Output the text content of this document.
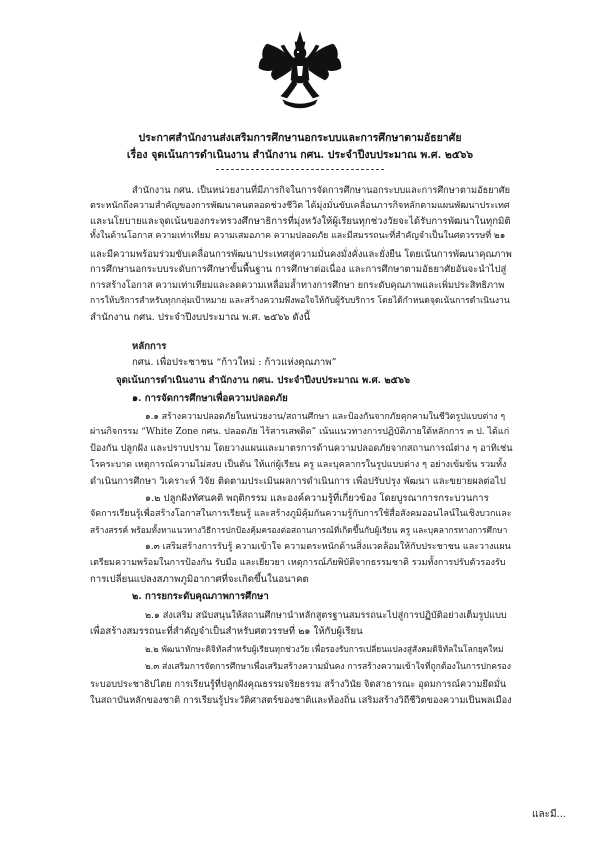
ประกาศสำนักงานส่งเสริมการศึกษานอกระบบและการศึกษาตามอัธยาศัย
เรื่อง จุดเน้นการดำเนินงาน สำนักงาน กศน. ประจำปีงบประมาณ พ.ศ. ๒๕๖๖
สำนักงาน กศน. เป็นหน่วยงานที่มีภารกิจในการจัดการศึกษานอกระบบและการศึกษาตามอัธยาศัย
ตระหนักถึงความสำคัญของการพัฒนาคนตลอดช่วงชีวิต ได้มุ่งมั่นขับเคลื่อนภารกิจหลักตามแผนพัฒนาประเทศ
และนโยบายและจุดเน้นของกระทรวงศึกษาธิการที่มุ่งหวังให้ผู้เรียนทุกช่วงวัยจะได้รับการพัฒนาในทุกมิติ
ทั้งในด้านโอกาส ความเท่าเทียม ความเสมอภาค ความปลอดภัย และมีสมรรถนะที่สำคัญจำเป็นในศตวรรษที่ ๒๑
และมีความพร้อมร่วมขับเคลื่อนการพัฒนาประเทศสู่ความมั่นคงมั่งคั่งและยั่งยืน โดยเน้นการพัฒนาคุณภาพ
การศึกษานอกระบบระดับการศึกษาขั้นพื้นฐาน การศึกษาต่อเนื่อง และการศึกษาตามอัธยาศัยอันจะนำไปสู่
การสร้างโอกาส ความเท่าเทียมและลดความเหลื่อมล้ำทางการศึกษา ยกระดับคุณภาพและเพิ่มประสิทธิภาพ
การให้บริการสำหรับทุกกลุ่มเป้าหมาย และสร้างความพึงพอใจให้กับผู้รับบริการ โดยได้กำหนดจุดเน้นการดำเนินงาน
สำนักงาน กศน. ประจำปีงบประมาณ พ.ศ. ๒๕๖๖ ดังนี้
หลักการ
กศน. เพื่อประชาชน “ก้าวใหม่ : ก้าวแห่งคุณภาพ”
จุดเน้นการดำเนินงาน สำนักงาน กศน. ประจำปีงบประมาณ พ.ศ. ๒๕๖๖
๑. การจัดการศึกษาเพื่อความปลอดภัย
๑.๑ สร้างความปลอดภัยในหน่วยงาน/สถานศึกษา และป้องกันจากภัยคุกคามในชีวิตรูปแบบต่าง ๆ
ผ่านกิจกรรม “White Zone กศน. ปลอดภัย ไร้สารเสพติด” เน้นแนวทางการปฏิบัติภายใต้หลักการ ๓ ป. ได้แก่
ป้องกัน ปลูกฝัง และปราบปราม โดยวางแผนและมาตรการด้านความปลอดภัยจากสถานการณ์ต่าง ๆ อาทิเช่น
โรคระบาด เหตุการณ์ความไม่สงบ เป็นต้น ให้แก่ผู้เรียน ครู และบุคลากรในรูปแบบต่าง ๆ อย่างเข้มข้น รวมทั้ง
ดำเนินการศึกษา วิเคราะห์ วิจัย ติดตามประเมินผลการดำเนินการ เพื่อปรับปรุง พัฒนา และขยายผลต่อไป
๑.๒ ปลูกฝังทัศนคติ พฤติกรรม และองค์ความรู้ที่เกี่ยวข้อง โดยบูรณาการกระบวนการ
จัดการเรียนรู้เพื่อสร้างโอกาสในการเรียนรู้ และสร้างภูมิคุ้มกันความรู้กับการใช้สื่อสังคมออนไลน์ในเชิงบวกและ
สร้างสรรค์ พร้อมทั้งหาแนวทางวิธีการปกป้องคุ้มครองต่อสถานการณ์ที่เกิดขึ้นกับผู้เรียน ครู และบุคลากรทางการศึกษา
๑.๓ เสริมสร้างการรับรู้ ความเข้าใจ ความตระหนักด้านสิ่งแวดล้อมให้กับประชาชน และวางแผน
เตรียมความพร้อมในการป้องกัน รับมือ และเยียวยา เหตุการณ์ภัยพิบัติจากธรรมชาติ รวมทั้งการปรับตัวรองรับ
การเปลี่ยนแปลงสภาพภูมิอากาศที่จะเกิดขึ้นในอนาคต
๒. การยกระดับคุณภาพการศึกษา
๒.๑ ส่งเสริม สนับสนุนให้สถานศึกษานำหลักสูตรฐานสมรรถนะไปสู่การปฏิบัติอย่างเต็มรูปแบบ
เพื่อสร้างสมรรถนะที่สำคัญจำเป็นสำหรับศตวรรษที่ ๒๑ ให้กับผู้เรียน
๒.๒ พัฒนาทักษะดิจิทัลสำหรับผู้เรียนทุกช่วงวัย เพื่อรองรับการเปลี่ยนแปลงสู่สังคมดิจิทัลในโลกยุคใหม่
๒.๓ ส่งเสริมการจัดการศึกษาเพื่อเสริมสร้างความมั่นคง การสร้างความเข้าใจที่ถูกต้องในการปกครอง
ระบอบประชาธิปไตย การเรียนรู้ที่ปลูกฝังคุณธรรมจริยธรรม สร้างวินัย จิตสาธารณะ อุดมการณ์ความยึดมั่น
ในสถาบันหลักของชาติ การเรียนรู้ประวัติศาสตร์ของชาติและท้องถิ่น เสริมสร้างวิถีชีวิตของความเป็นพลเมือง
และมี...
